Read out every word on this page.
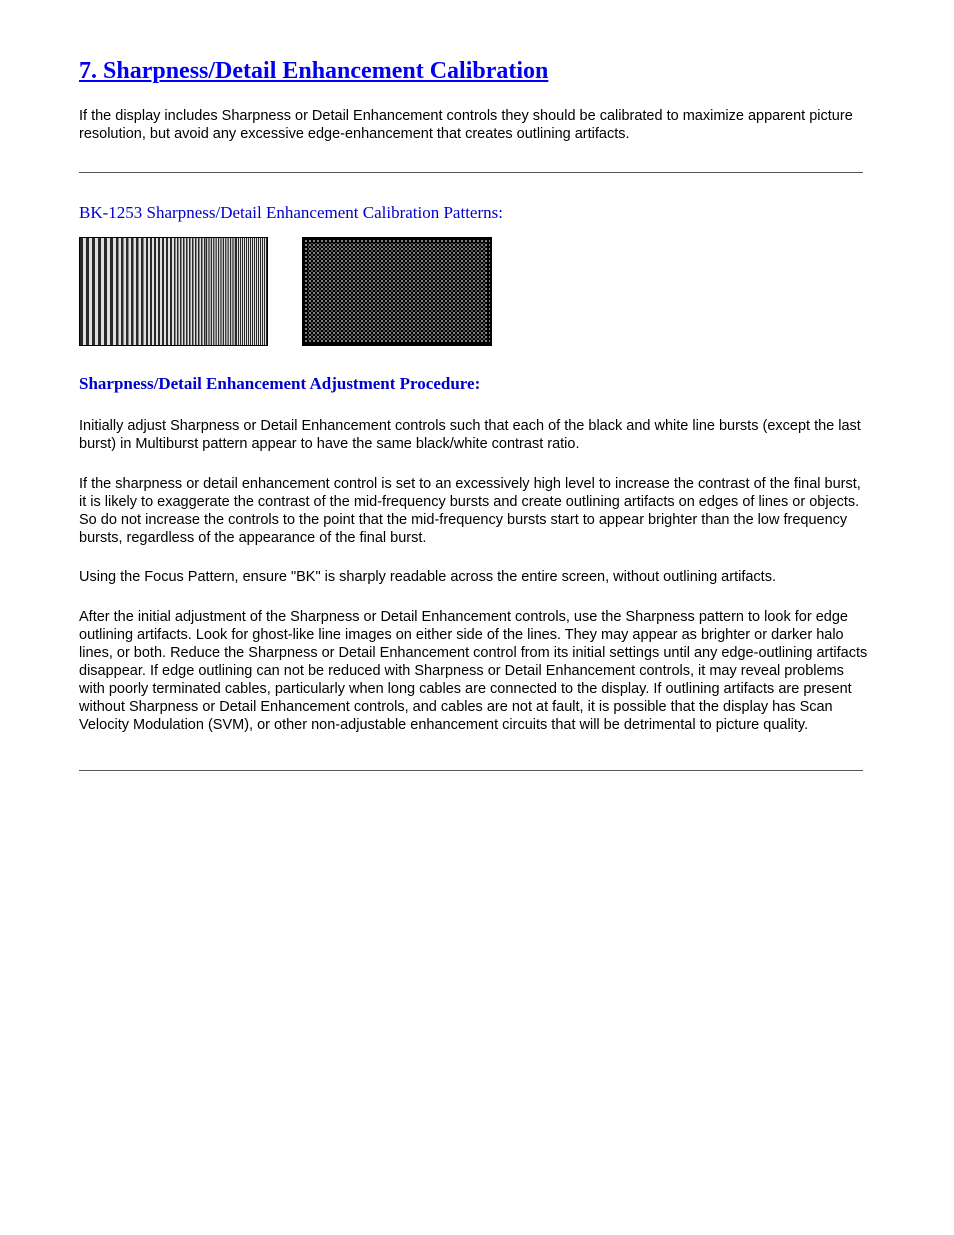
7. Sharpness/Detail Enhancement Calibration

If the display includes Sharpness or Detail Enhancement controls they should be calibrated to maximize apparent picture resolution, but avoid any excessive edge-enhancement that creates outlining artifacts.

BK-1253 Sharpness/Detail Enhancement Calibration Patterns:
Sharpness/Detail Enhancement Adjustment Procedure:

Initially adjust Sharpness or Detail Enhancement controls such that each of the black and white line bursts (except the last burst) in Multiburst pattern appear to have the same black/white contrast ratio.

If the sharpness or detail enhancement control is set to an excessively high level to increase the contrast of the final burst, it is likely to exaggerate the contrast of the mid-frequency bursts and create outlining artifacts on edges of lines or objects. So do not increase the controls to the point that the mid-frequency bursts start to appear brighter than the low frequency bursts, regardless of the appearance of the final burst.

Using the Focus Pattern, ensure "BK" is sharply readable across the entire screen, without outlining artifacts.

After the initial adjustment of the Sharpness or Detail Enhancement controls, use the Sharpness pattern to look for edge outlining artifacts. Look for ghost-like line images on either side of the lines. They may appear as brighter or darker halo lines, or both. Reduce the Sharpness or Detail Enhancement control from its initial settings until any edge-outlining artifacts disappear. If edge outlining can not be reduced with Sharpness or Detail Enhancement controls, it may reveal problems with poorly terminated cables, particularly when long cables are connected to the display. If outlining artifacts are present without Sharpness or Detail Enhancement controls, and cables are not at fault, it is possible that the display has Scan Velocity Modulation (SVM), or other non-adjustable enhancement circuits that will be detrimental to picture quality.
